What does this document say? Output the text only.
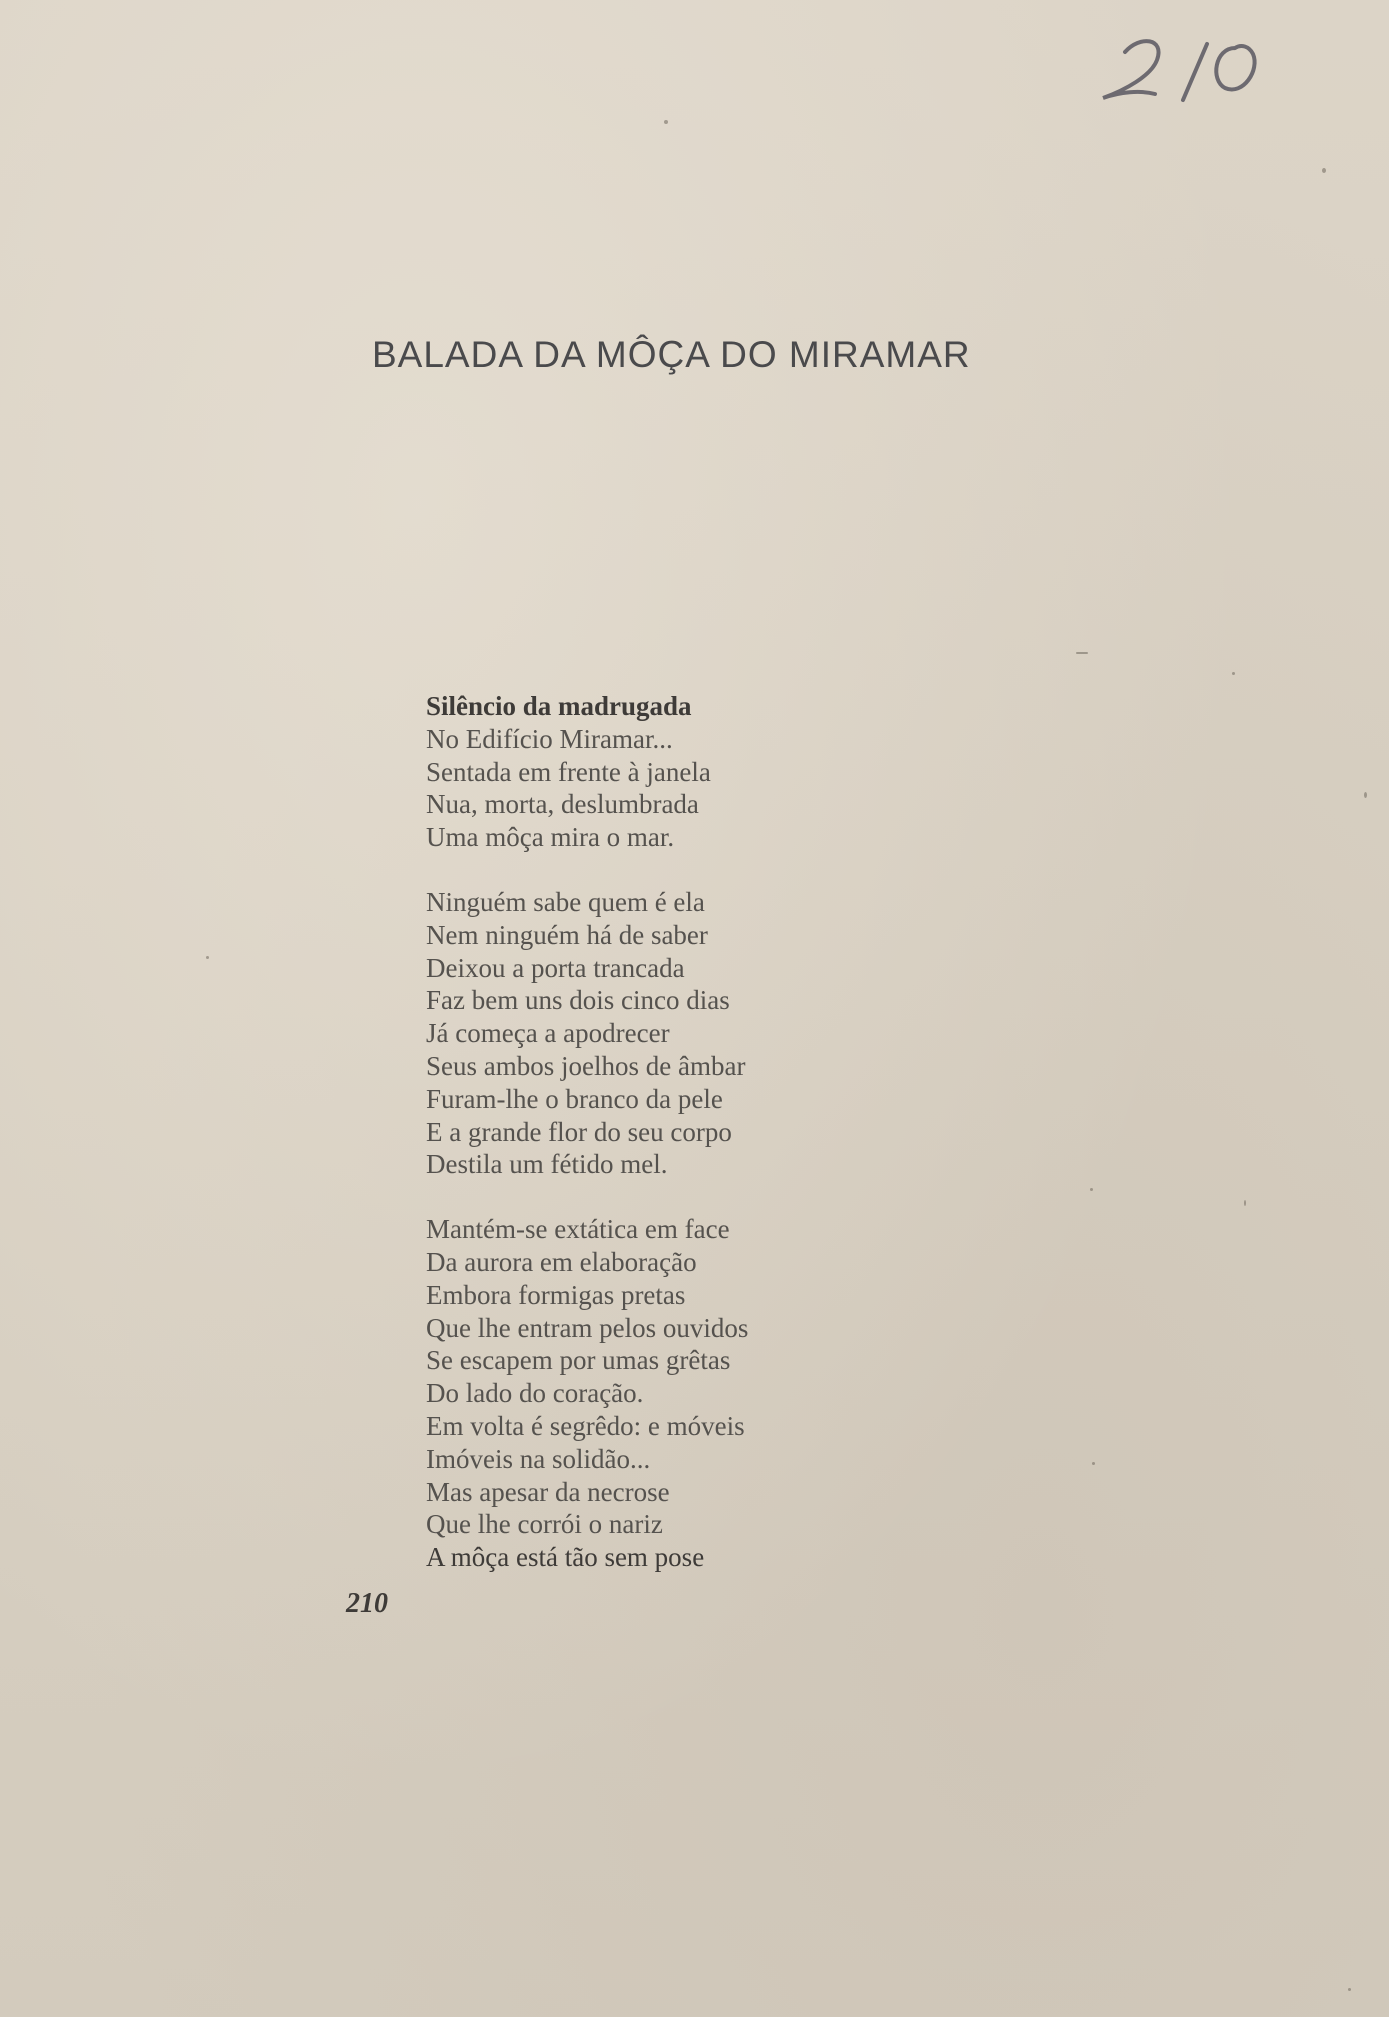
BALADA DA MÔÇA DO MIRAMAR
Silêncio da madrugada
No Edifício Miramar...
Sentada em frente à janela
Nua, morta, deslumbrada
Uma môça mira o mar.
Ninguém sabe quem é ela
Nem ninguém há de saber
Deixou a porta trancada
Faz bem uns dois cinco dias
Já começa a apodrecer
Seus ambos joelhos de âmbar
Furam-lhe o branco da pele
E a grande flor do seu corpo
Destila um fétido mel.
Mantém-se extática em face
Da aurora em elaboração
Embora formigas pretas
Que lhe entram pelos ouvidos
Se escapem por umas grêtas
Do lado do coração.
Em volta é segrêdo: e móveis
Imóveis na solidão...
Mas apesar da necrose
Que lhe corrói o nariz
A môça está tão sem pose
210
